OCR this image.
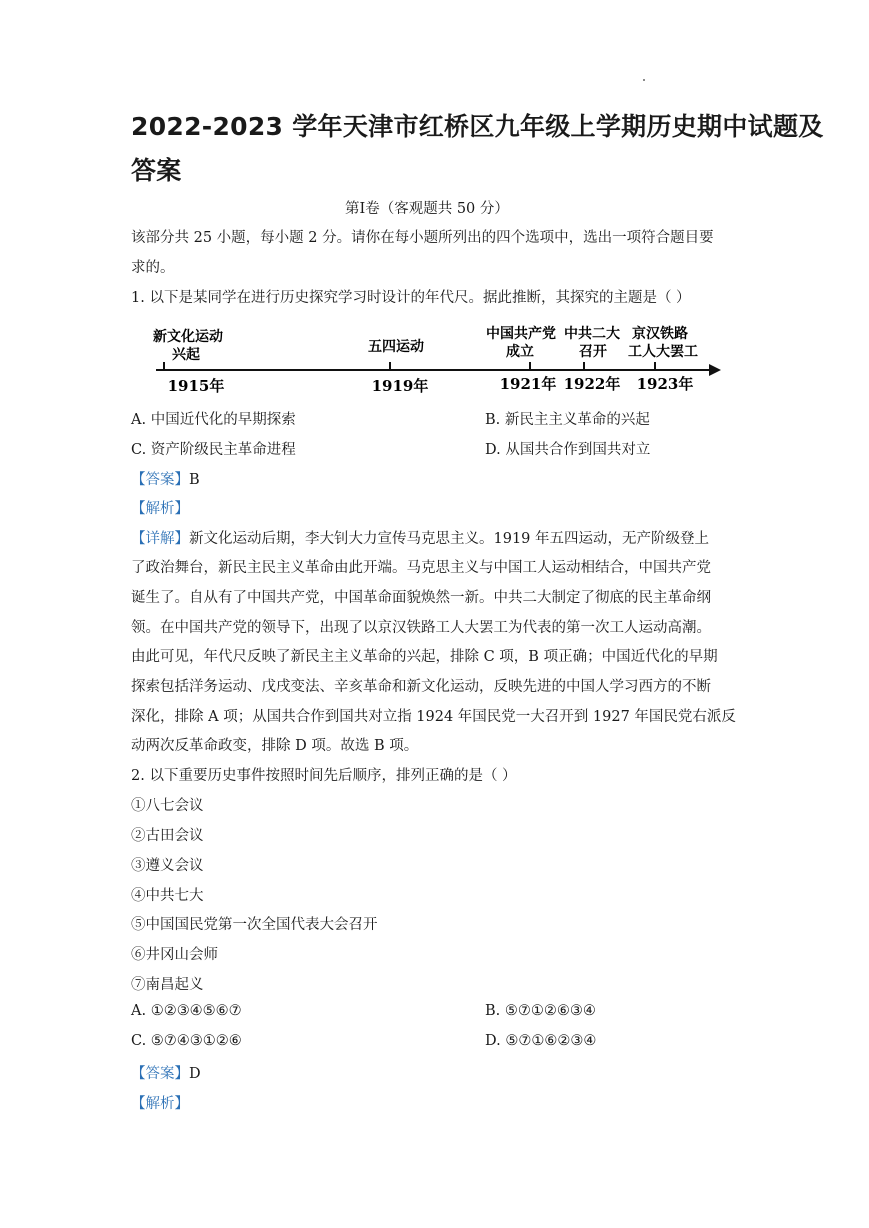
2022-2023 学年天津市红桥区九年级上学期历史期中试题及
答案
第Ⅰ卷（客观题共 50 分）
该部分共 25 小题，每小题 2 分。请你在每小题所列出的四个选项中，选出一项符合题目要
求的。
1. 以下是某同学在进行历史探究学习时设计的年代尺。据此推断，其探究的主题是（ ）
新文化运动
兴起	五四运动
中国共产党
成立
中共二大
召开
京汉铁路
工人大罢工
1915年	1919年	1921年 1922年 1923年
A. 中国近代化的早期探索	B. 新民主主义革命的兴起
C. 资产阶级民主革命进程	D. 从国共合作到国共对立
【答案】B
【解析】
【详解】新文化运动后期，李大钊大力宣传马克思主义。1919 年五四运动，无产阶级登上
了政治舞台，新民主民主义革命由此开端。马克思主义与中国工人运动相结合，中国共产党
诞生了。自从有了中国共产党，中国革命面貌焕然一新。中共二大制定了彻底的民主革命纲
领。在中国共产党的领导下，出现了以京汉铁路工人大罢工为代表的第一次工人运动高潮。
由此可见，年代尺反映了新民主主义革命的兴起，排除 C 项，B 项正确；中国近代化的早期
探索包括洋务运动、戊戌变法、辛亥革命和新文化运动，反映先进的中国人学习西方的不断
深化，排除 A 项；从国共合作到国共对立指 1924 年国民党一大召开到 1927 年国民党右派反
动两次反革命政变，排除 D 项。故选 B 项。
2. 以下重要历史事件按照时间先后顺序，排列正确的是（ ）
①八七会议
②古田会议
③遵义会议
④中共七大
⑤中国国民党第一次全国代表大会召开
⑥井冈山会师
⑦南昌起义
A. ①②③④⑤⑥⑦	B. ⑤⑦①②⑥③④
C. ⑤⑦④③①②⑥	D. ⑤⑦①⑥②③④
【答案】D
【解析】
